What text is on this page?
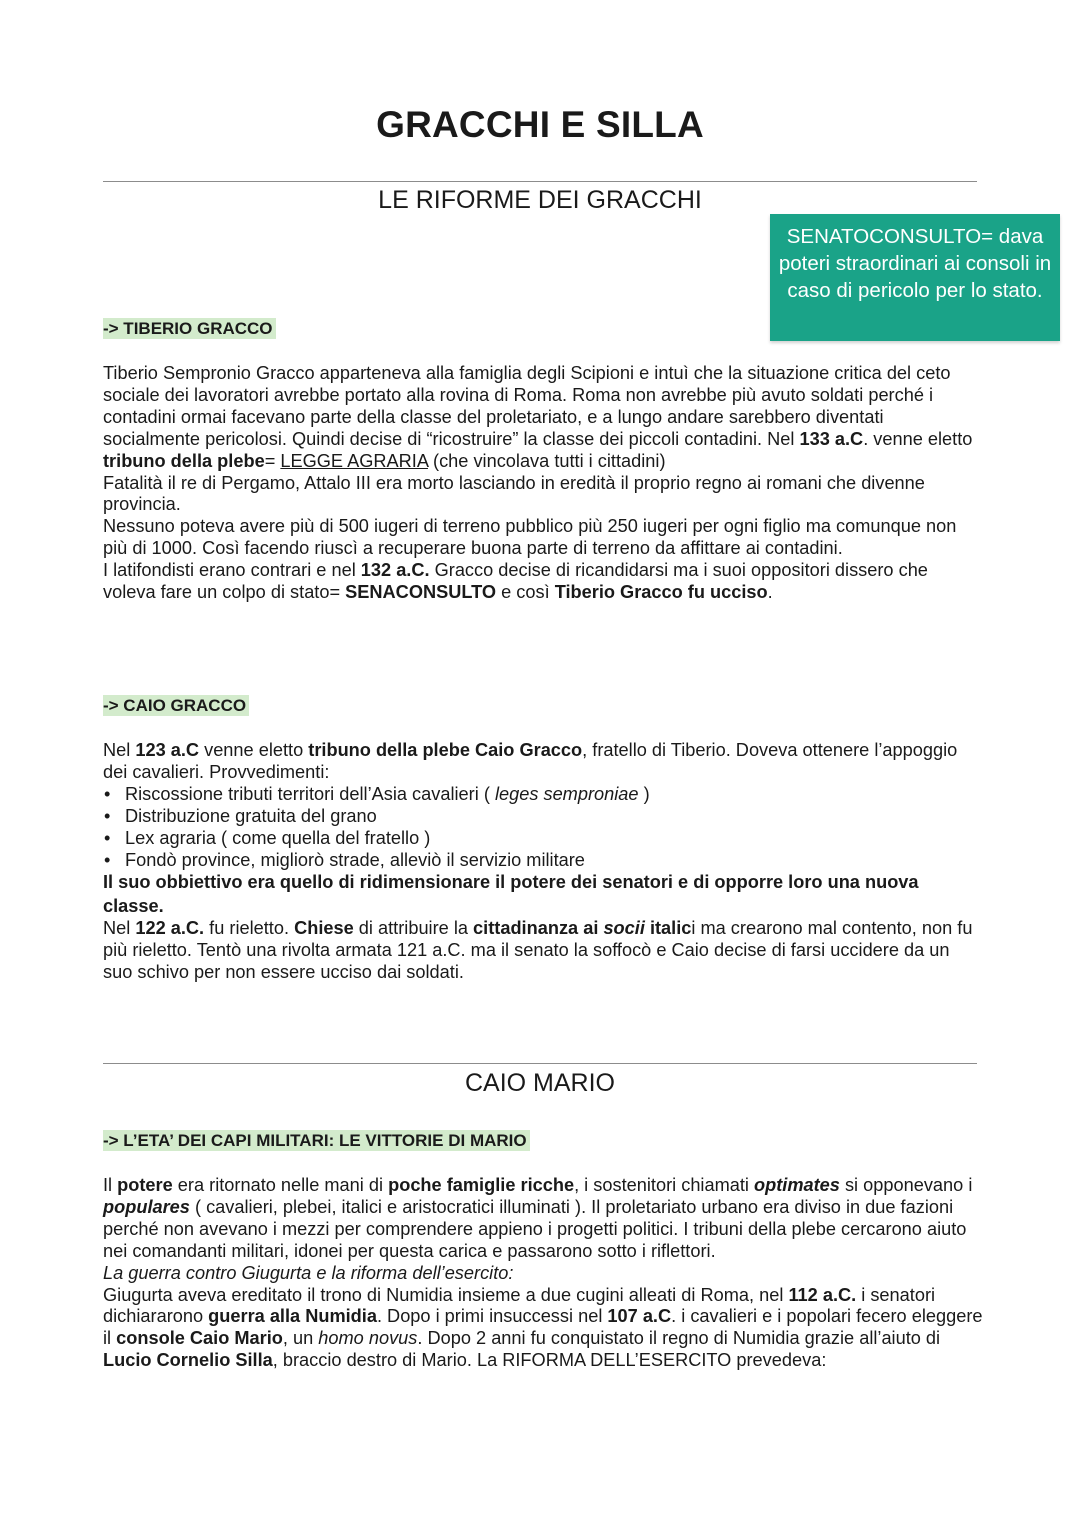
GRACCHI E SILLA
LE RIFORME DEI GRACCHI
SENATOCONSULTO= dava poteri straordinari ai consoli in caso di pericolo per lo stato.
-> TIBERIO GRACCO

Tiberio Sempronio Gracco apparteneva alla famiglia degli Scipioni e intuì che la situazione critica del ceto sociale dei lavoratori avrebbe portato alla rovina di Roma. Roma non avrebbe più avuto soldati perché i contadini ormai facevano parte della classe del proletariato, e a lungo andare sarebbero diventati socialmente pericolosi. Quindi decise di “ricostruire” la classe dei piccoli contadini. Nel 133 a.C. venne eletto tribuno della plebe= LEGGE AGRARIA (che vincolava tutti i cittadini)

Fatalità il re di Pergamo, Attalo III era morto lasciando in eredità il proprio regno ai romani che divenne provincia.

Nessuno poteva avere più di 500 iugeri di terreno pubblico più 250 iugeri per ogni figlio ma comunque non più di 1000. Così facendo riuscì a recuperare buona parte di terreno da affittare ai contadini.

I latifondisti erano contrari e nel 132 a.C. Gracco decise di ricandidarsi ma i suoi oppositori dissero che voleva fare un colpo di stato= SENACONSULTO e così Tiberio Gracco fu ucciso.

-> CAIO GRACCO

Nel 123 a.C venne eletto tribuno della plebe Caio Gracco, fratello di Tiberio. Doveva ottenere l’appoggio dei cavalieri. Provvedimenti:

• Riscossione tributi territori dell’Asia cavalieri ( leges semproniae )
• Distribuzione gratuita del grano
• Lex agraria ( come quella del fratello )
• Fondò province, migliorò strade, alleviò il servizio militare

Il suo obbiettivo era quello di ridimensionare il potere dei senatori e di opporre loro una nuova classe.

Nel 122 a.C. fu rieletto. Chiese di attribuire la cittadinanza ai socii italici ma crearono mal contento, non fu più rieletto. Tentò una rivolta armata 121 a.C. ma il senato la soffocò e Caio decise di farsi uccidere da un suo schivo per non essere ucciso dai soldati.

CAIO MARIO
-> L’ETA’ DEI CAPI MILITARI: LE VITTORIE DI MARIO

Il potere era ritornato nelle mani di poche famiglie ricche, i sostenitori chiamati optimates si opponevano i populares ( cavalieri, plebei, italici e aristocratici illuminati ). Il proletariato urbano era diviso in due fazioni perché non avevano i mezzi per comprendere appieno i progetti politici. I tribuni della plebe cercarono aiuto nei comandanti militari, idonei per questa carica e passarono sotto i riflettori.

La guerra contro Giugurta e la riforma dell’esercito:

Giugurta aveva ereditato il trono di Numidia insieme a due cugini alleati di Roma, nel 112 a.C. i senatori dichiararono guerra alla Numidia. Dopo i primi insuccessi nel 107 a.C. i cavalieri e i popolari fecero eleggere il console Caio Mario, un homo novus. Dopo 2 anni fu conquistato il regno di Numidia grazie all’aiuto di Lucio Cornelio Silla, braccio destro di Mario. La RIFORMA DELL’ESERCITO prevedeva:
